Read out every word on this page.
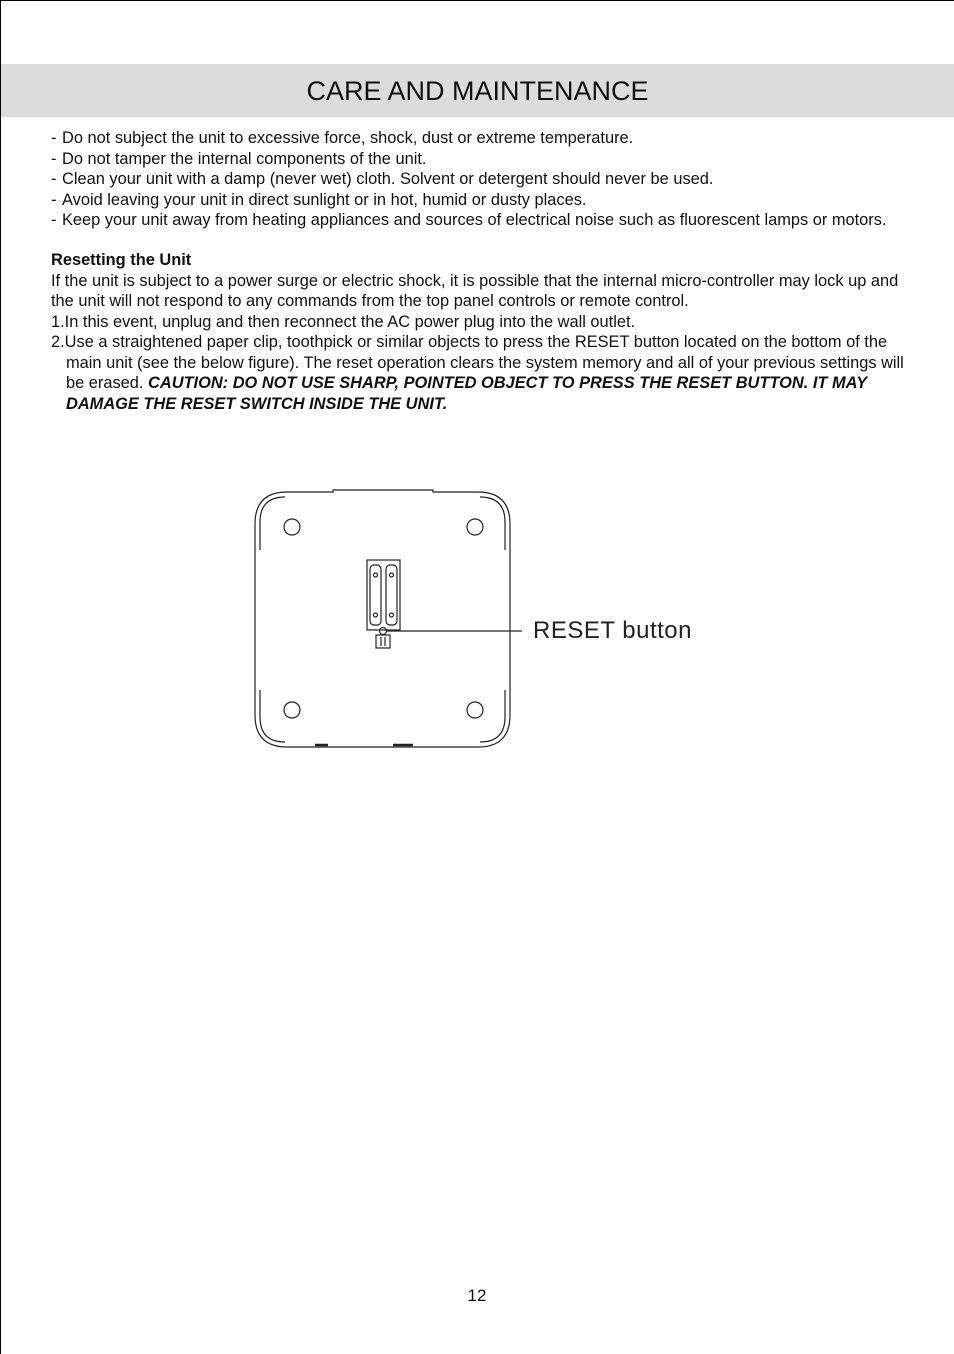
CARE AND MAINTENANCE
- Do not subject the unit to excessive force, shock, dust or extreme temperature.
- Do not tamper the internal components of the unit.
- Clean your unit with a damp (never wet) cloth. Solvent or detergent should never be used.
- Avoid leaving your unit in direct sunlight or in hot, humid or dusty places.
- Keep your unit away from heating appliances and sources of electrical noise such as fluorescent lamps or motors.
Resetting the Unit

If the unit is subject to a power surge or electric shock, it is possible that the internal micro-controller may lock up and the unit will not respond to any commands from the top panel controls or remote control.

1.In this event, unplug and then reconnect the AC power plug into the wall outlet.
2.Use a straightened paper clip, toothpick or similar objects to press the RESET button located on the bottom of the main unit (see the below figure). The reset operation clears the system memory and all of your previous settings will be erased. CAUTION: DO NOT USE SHARP, POINTED OBJECT TO PRESS THE RESET BUTTON. IT MAY DAMAGE THE RESET SWITCH INSIDE THE UNIT.
RESET button
12
